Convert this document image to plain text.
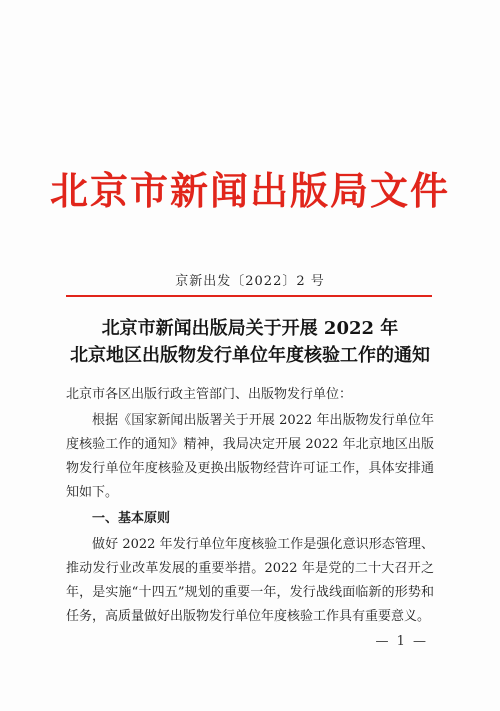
北京市新闻出版局文件
京新出发〔2022〕2 号
北京市新闻出版局关于开展 2022 年
北京地区出版物发行单位年度核验工作的通知

北京市各区出版行政主管部门、出版物发行单位：

根据《国家新闻出版署关于开展 2022 年出版物发行单位年度核验工作的通知》精神，我局决定开展 2022 年北京地区出版物发行单位年度核验及更换出版物经营许可证工作，具体安排通知如下。

一、基本原则

做好 2022 年发行单位年度核验工作是强化意识形态管理、推动发行业改革发展的重要举措。2022 年是党的二十大召开之年，是实施“十四五”规划的重要一年，发行战线面临新的形势和任务，高质量做好出版物发行单位年度核验工作具有重要意义。

— 1 —
